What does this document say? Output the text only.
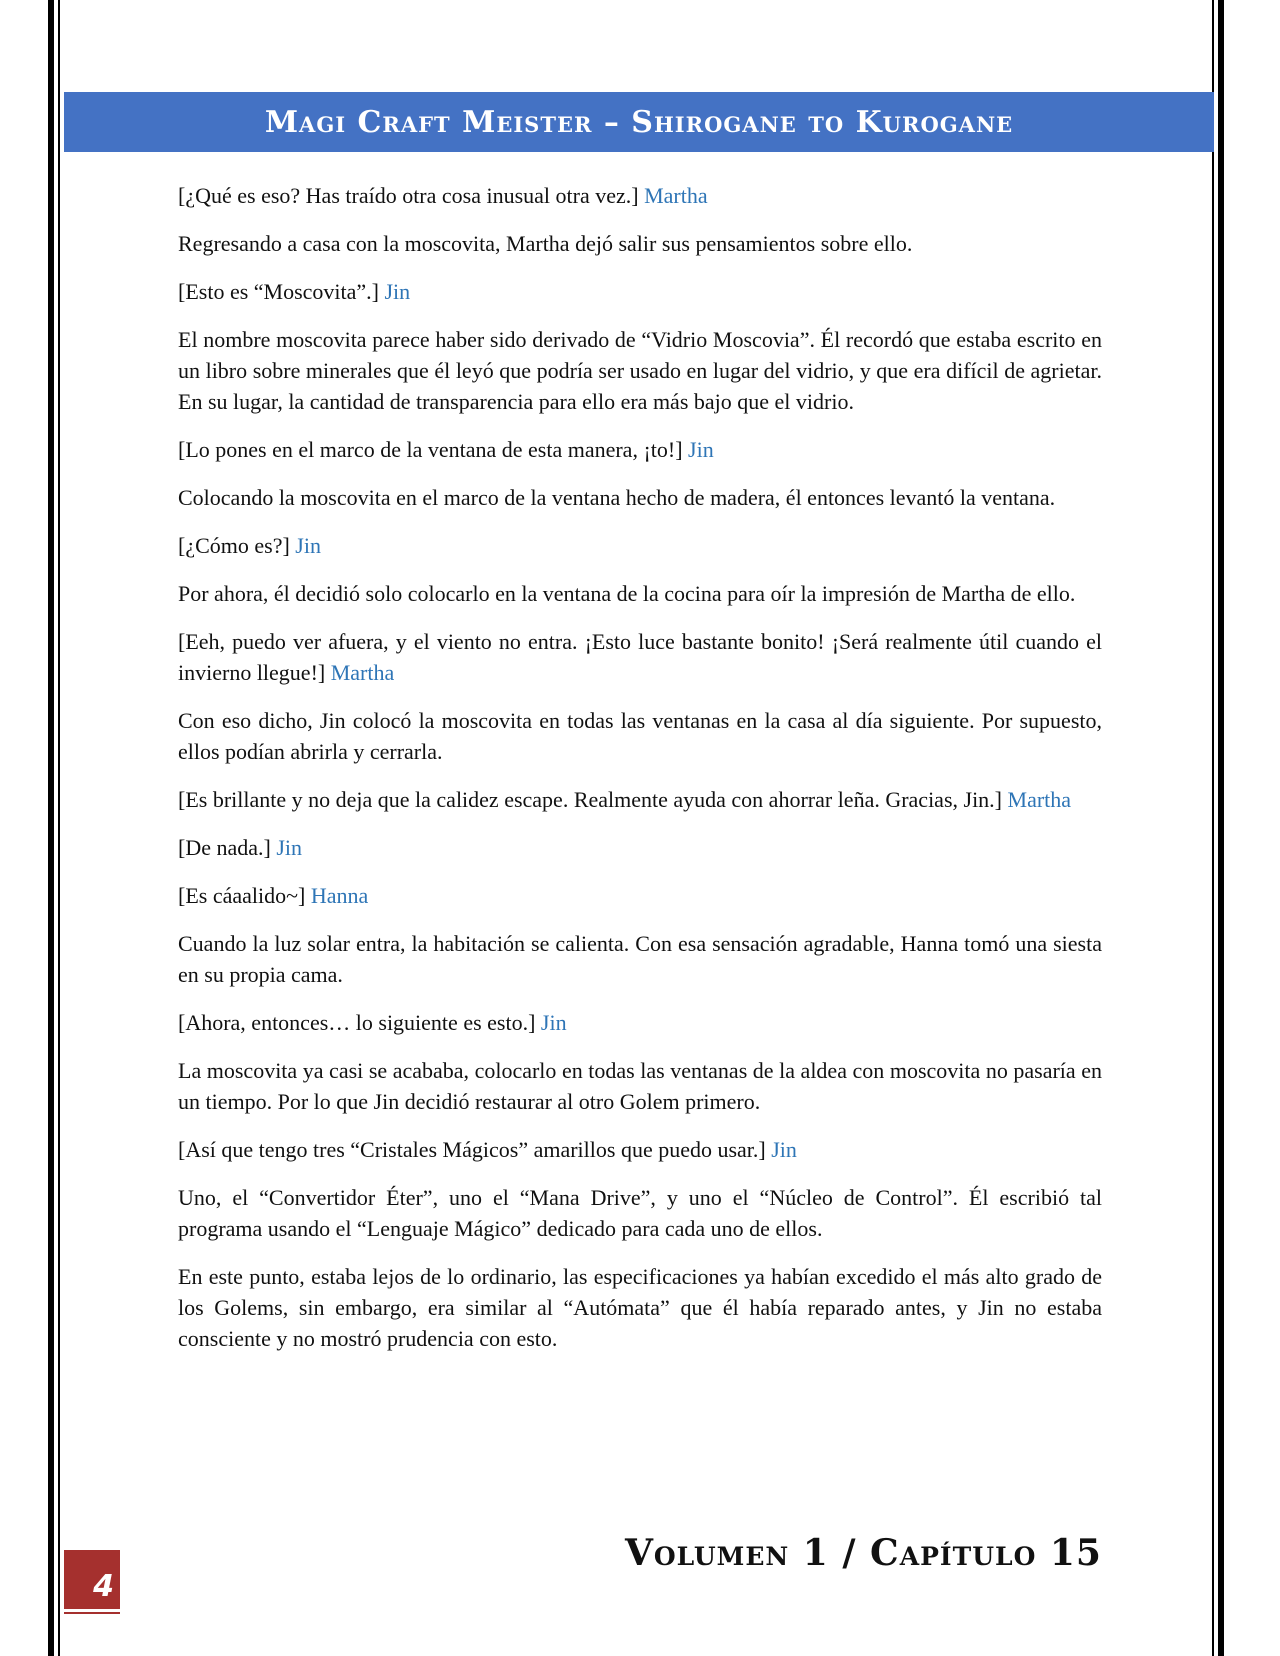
Magi Craft Meister – Shirogane to Kurogane

[¿Qué es eso? Has traído otra cosa inusual otra vez.] Martha

Regresando a casa con la moscovita, Martha dejó salir sus pensamientos sobre ello.

[Esto es “Moscovita”.] Jin

El nombre moscovita parece haber sido derivado de “Vidrio Moscovia”. Él recordó que estaba escrito en un libro sobre minerales que él leyó que podría ser usado en lugar del vidrio, y que era difícil de agrietar. En su lugar, la cantidad de transparencia para ello era más bajo que el vidrio.

[Lo pones en el marco de la ventana de esta manera, ¡to!] Jin

Colocando la moscovita en el marco de la ventana hecho de madera, él entonces levantó la ventana.

[¿Cómo es?] Jin

Por ahora, él decidió solo colocarlo en la ventana de la cocina para oír la impresión de Martha de ello.

[Eeh, puedo ver afuera, y el viento no entra. ¡Esto luce bastante bonito! ¡Será realmente útil cuando el invierno llegue!] Martha

Con eso dicho, Jin colocó la moscovita en todas las ventanas en la casa al día siguiente. Por supuesto, ellos podían abrirla y cerrarla.

[Es brillante y no deja que la calidez escape. Realmente ayuda con ahorrar leña. Gracias, Jin.] Martha

[De nada.] Jin

[Es cáaalido~] Hanna

Cuando la luz solar entra, la habitación se calienta. Con esa sensación agradable, Hanna tomó una siesta en su propia cama.

[Ahora, entonces… lo siguiente es esto.] Jin

La moscovita ya casi se acababa, colocarlo en todas las ventanas de la aldea con moscovita no pasaría en un tiempo. Por lo que Jin decidió restaurar al otro Golem primero.

[Así que tengo tres “Cristales Mágicos” amarillos que puedo usar.] Jin

Uno, el “Convertidor Éter”, uno el “Mana Drive”, y uno el “Núcleo de Control”. Él escribió tal programa usando el “Lenguaje Mágico” dedicado para cada uno de ellos.

En este punto, estaba lejos de lo ordinario, las especificaciones ya habían excedido el más alto grado de los Golems, sin embargo, era similar al “Autómata” que él había reparado antes, y Jin no estaba consciente y no mostró prudencia con esto.

Volumen 1 / Capítulo 15
4
